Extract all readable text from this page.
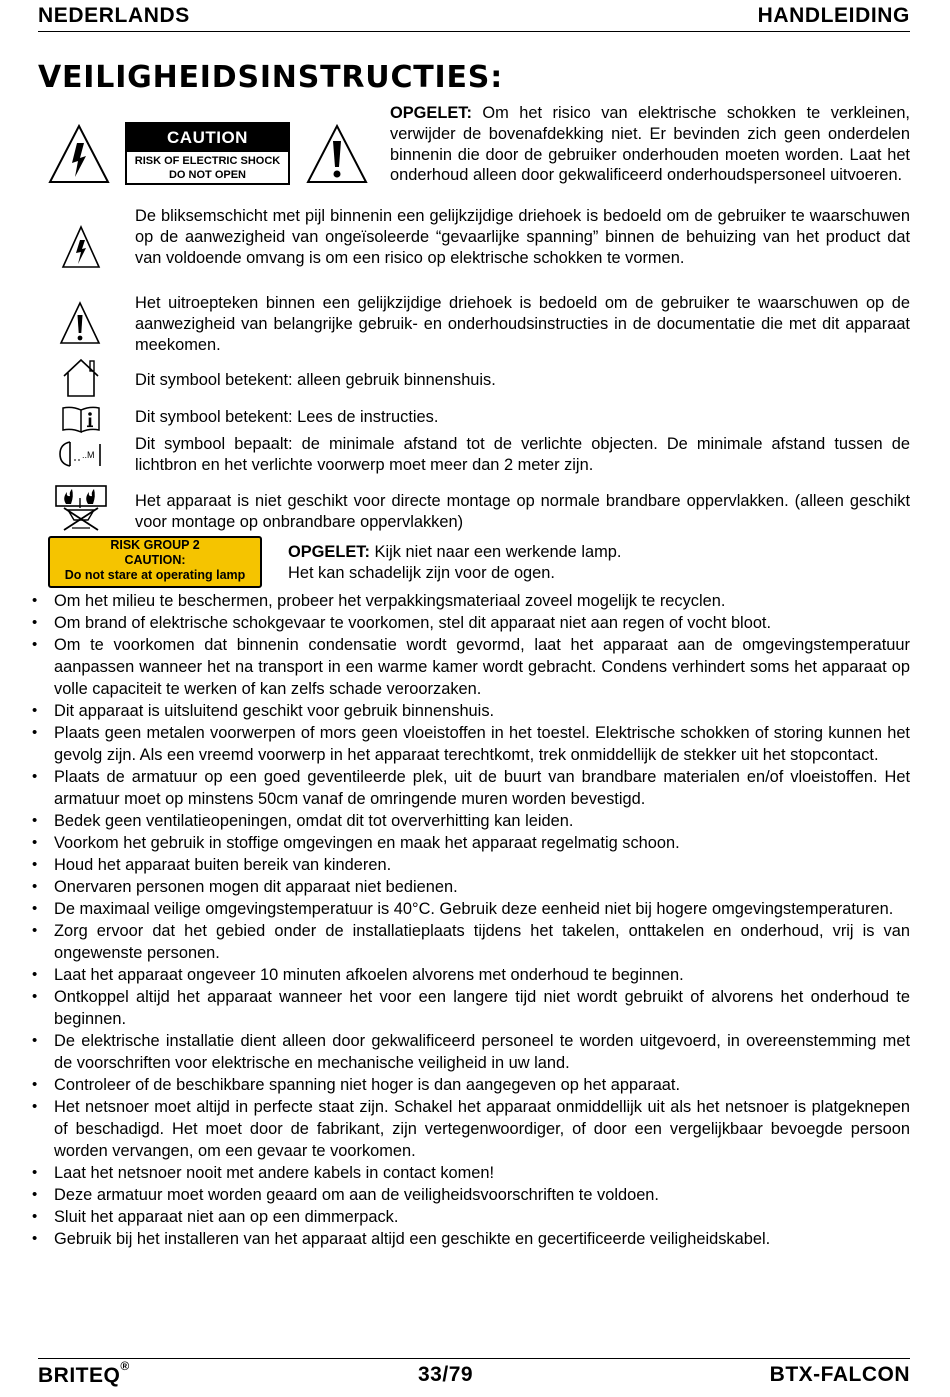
NEDERLANDS	HANDLEIDING
VEILIGHEIDSINSTRUCTIES:
CAUTION
RISK OF ELECTRIC SHOCK
DO NOT OPEN
OPGELET: Om het risico van elektrische schokken te verkleinen, verwijder de bovenafdekking niet. Er bevinden zich geen onderdelen binnenin die door de gebruiker onderhouden moeten worden. Laat het onderhoud alleen door gekwalificeerd onderhoudspersoneel uitvoeren.
De bliksemschicht met pijl binnenin een gelijkzijdige driehoek is bedoeld om de gebruiker te waarschuwen op de aanwezigheid van ongeïsoleerde “gevaarlijke spanning” binnen de behuizing van het product dat van voldoende omvang is om een risico op elektrische schokken te vormen.
Het uitroepteken binnen een gelijkzijdige driehoek is bedoeld om de gebruiker te waarschuwen op de aanwezigheid van belangrijke gebruik- en onderhoudsinstructies in de documentatie die met dit apparaat meekomen.
Dit symbool betekent: alleen gebruik binnenshuis.
Dit symbool betekent: Lees de instructies.
..M
Dit symbool bepaalt: de minimale afstand tot de verlichte objecten. De minimale afstand tussen de lichtbron en het verlichte voorwerp moet meer dan 2 meter zijn.
Het apparaat is niet geschikt voor directe montage op normale brandbare oppervlakken. (alleen geschikt voor montage op onbrandbare oppervlakken)
RISK GROUP 2
CAUTION:
Do not stare at operating lamp
OPGELET: Kijk niet naar een werkende lamp.
Het kan schadelijk zijn voor de ogen.
• Om het milieu te beschermen, probeer het verpakkingsmateriaal zoveel mogelijk te recyclen.
• Om brand of elektrische schokgevaar te voorkomen, stel dit apparaat niet aan regen of vocht bloot.
• Om te voorkomen dat binnenin condensatie wordt gevormd, laat het apparaat aan de omgevingstemperatuur aanpassen wanneer het na transport in een warme kamer wordt gebracht. Condens verhindert soms het apparaat op volle capaciteit te werken of kan zelfs schade veroorzaken.
• Dit apparaat is uitsluitend geschikt voor gebruik binnenshuis.
• Plaats geen metalen voorwerpen of mors geen vloeistoffen in het toestel. Elektrische schokken of storing kunnen het gevolg zijn. Als een vreemd voorwerp in het apparaat terechtkomt, trek onmiddellijk de stekker uit het stopcontact.
• Plaats de armatuur op een goed geventileerde plek, uit de buurt van brandbare materialen en/of vloeistoffen. Het armatuur moet op minstens 50cm vanaf de omringende muren worden bevestigd.
• Bedek geen ventilatieopeningen, omdat dit tot oververhitting kan leiden.
• Voorkom het gebruik in stoffige omgevingen en maak het apparaat regelmatig schoon.
• Houd het apparaat buiten bereik van kinderen.
• Onervaren personen mogen dit apparaat niet bedienen.
• De maximaal veilige omgevingstemperatuur is 40°C. Gebruik deze eenheid niet bij hogere omgevingstemperaturen.
• Zorg ervoor dat het gebied onder de installatieplaats tijdens het takelen, onttakelen en onderhoud, vrij is van ongewenste personen.
• Laat het apparaat ongeveer 10 minuten afkoelen alvorens met onderhoud te beginnen.
• Ontkoppel altijd het apparaat wanneer het voor een langere tijd niet wordt gebruikt of alvorens het onderhoud te beginnen.
• De elektrische installatie dient alleen door gekwalificeerd personeel te worden uitgevoerd, in overeenstemming met de voorschriften voor elektrische en mechanische veiligheid in uw land.
• Controleer of de beschikbare spanning niet hoger is dan aangegeven op het apparaat.
• Het netsnoer moet altijd in perfecte staat zijn. Schakel het apparaat onmiddellijk uit als het netsnoer is platgeknepen of beschadigd. Het moet door de fabrikant, zijn vertegenwoordiger, of door een vergelijkbaar bevoegde persoon worden vervangen, om een gevaar te voorkomen.
• Laat het netsnoer nooit met andere kabels in contact komen!
• Deze armatuur moet worden geaard om aan de veiligheidsvoorschriften te voldoen.
• Sluit het apparaat niet aan op een dimmerpack.
• Gebruik bij het installeren van het apparaat altijd een geschikte en gecertificeerde veiligheidskabel.
BRITEQ®	33/79	BTX-FALCON
